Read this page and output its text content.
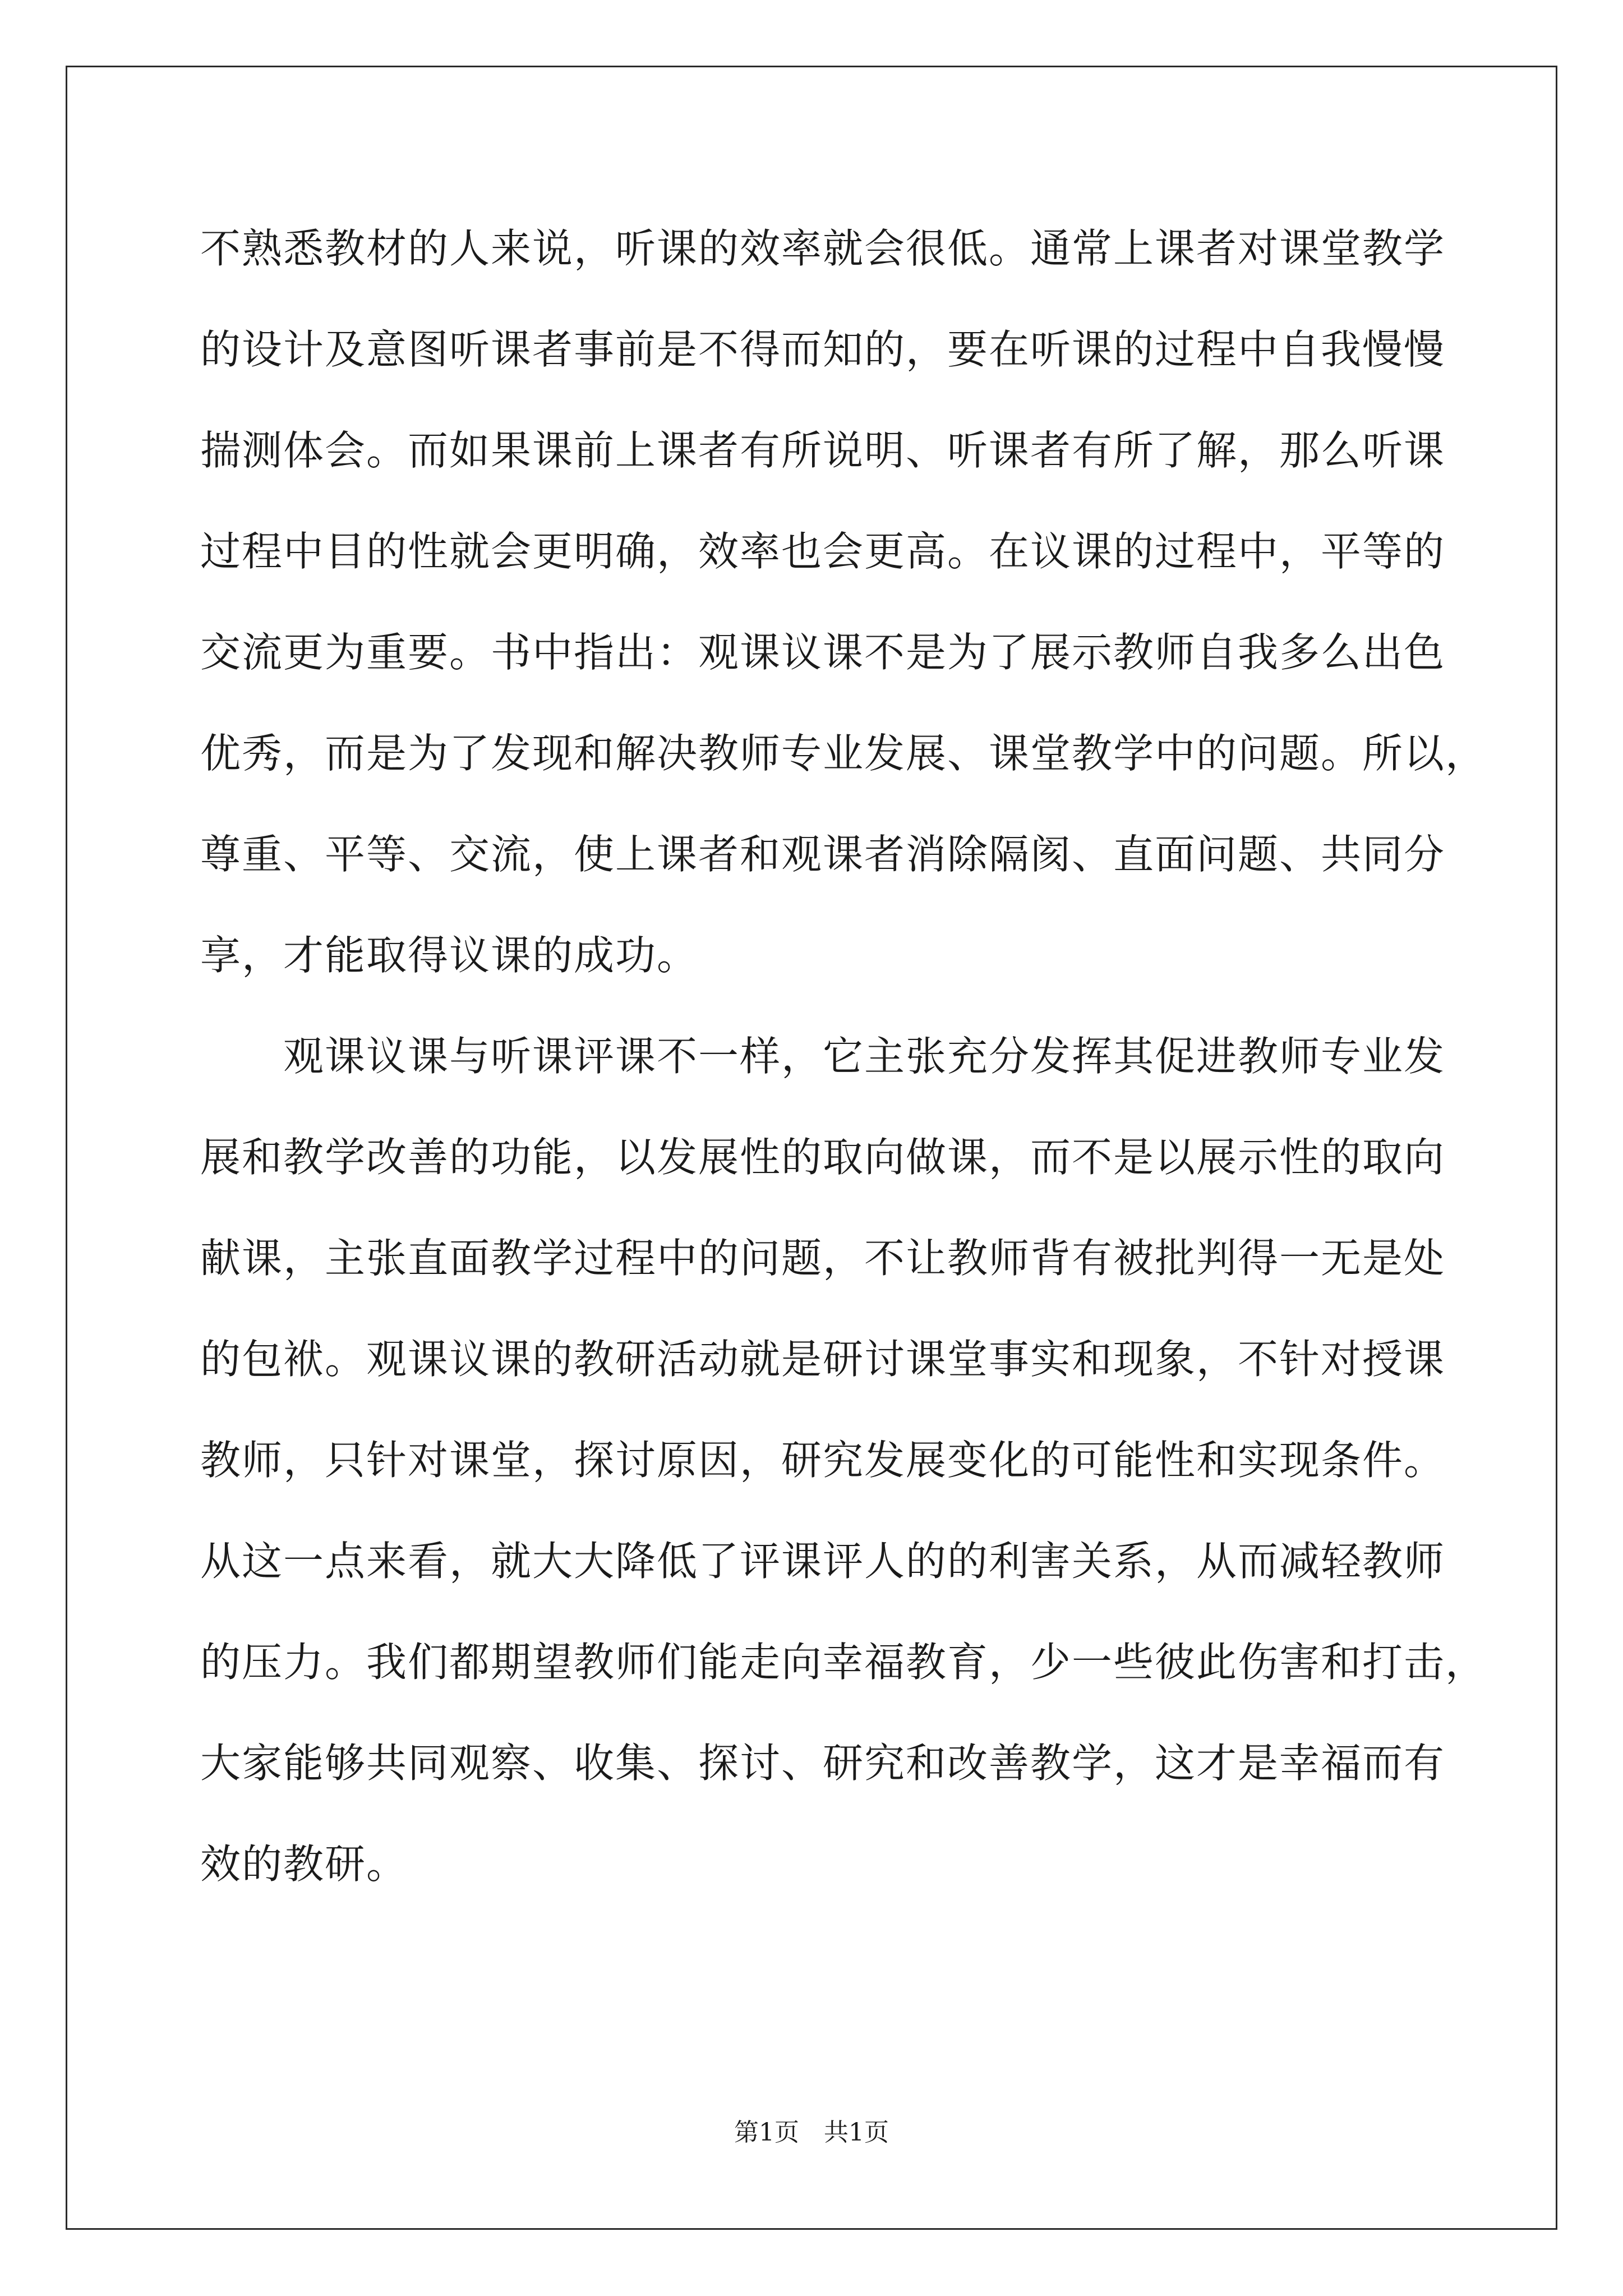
不熟悉教材的人来说，听课的效率就会很低。通常上课者对课堂教学
的设计及意图听课者事前是不得而知的，要在听课的过程中自我慢慢
揣测体会。而如果课前上课者有所说明、听课者有所了解，那么听课
过程中目的性就会更明确，效率也会更高。在议课的过程中，平等的
交流更为重要。书中指出：观课议课不是为了展示教师自我多么出色
优秀，而是为了发现和解决教师专业发展、课堂教学中的问题。所以，
尊重、平等、交流，使上课者和观课者消除隔阂、直面问题、共同分
享，才能取得议课的成功。
　　观课议课与听课评课不一样，它主张充分发挥其促进教师专业发
展和教学改善的功能，以发展性的取向做课，而不是以展示性的取向
献课，主张直面教学过程中的问题，不让教师背有被批判得一无是处
的包袱。观课议课的教研活动就是研讨课堂事实和现象，不针对授课
教师，只针对课堂，探讨原因，研究发展变化的可能性和实现条件。
从这一点来看，就大大降低了评课评人的的利害关系，从而减轻教师
的压力。我们都期望教师们能走向幸福教育，少一些彼此伤害和打击，
大家能够共同观察、收集、探讨、研究和改善教学，这才是幸福而有
效的教研。
第1页　共1页
